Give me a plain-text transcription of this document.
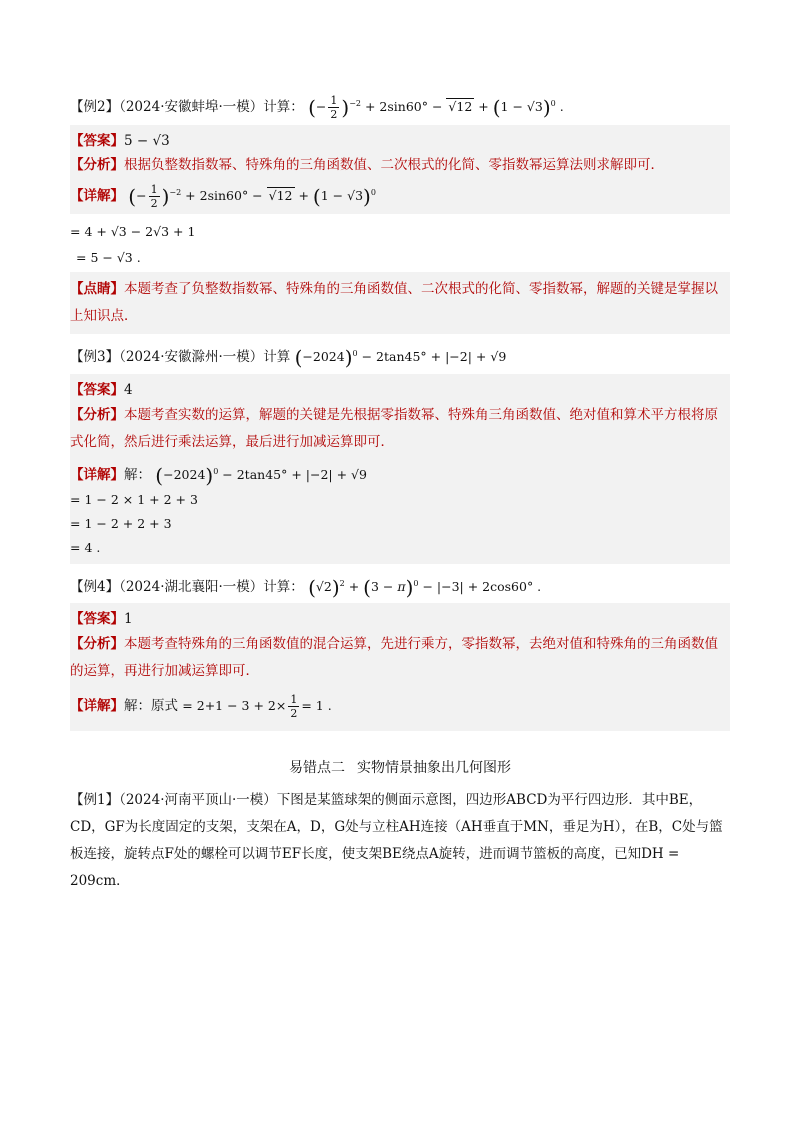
【例2】（2024·安徽蚌埠·一模）计算： (− $\frac{1}{2} )^{-2} + 2\sin 60^\circ - √12 + (1 - √3)^0$ .
【答案】5 − √3
【分析】根据负整数指数幂、特殊角的三角函数值、二次根式的化简、零指数幂运算法则求解即可．
【详解】 (− $\frac{1}{2} )^{-2} + 2\sin 60^\circ - √12 + (1 - √3)^0$
= 4 + √3 − 2√3 + 1
= 5 − √3 .
【点睛】本题考查了负整数指数幂、特殊角的三角函数值、二次根式的化简、零指数幂，解题的关键是掌握以上知识点．
【例3】（2024·安徽滁州·一模）计算 $(-2024)^0 - 2\tan 45^\circ + |-2| + √9$
【答案】4
【分析】本题考查实数的运算，解题的关键是先根据零指数幂、特殊角三角函数值、绝对值和算术平方根将原式化简，然后进行乘法运算，最后进行加减运算即可．
【详解】解： $(-2024)^0 - 2\tan 45^\circ + |-2| + √9$
= 1 − 2 × 1 + 2 + 3
= 1 − 2 + 2 + 3
= 4 .
【例4】（2024·湖北襄阳·一模）计算： $(√2)^2 + (3 - \pi)^0 - |-3| + 2\cos 60^\circ$ .
【答案】1
【分析】本题考查特殊角的三角函数值的混合运算，先进行乘方，零指数幂，去绝对值和特殊角的三角函数值的运算，再进行加减运算即可．
【详解】解：原式 = $2+1 - 3 + 2\times \frac{1}{2} = 1$ .
易错点二 实物情景抽象出几何图形
【例1】（2024·河南平顶山·一模）下图是某篮球架的侧面示意图，四边形ABCD为平行四边形．其中BE，CD，GF为长度固定的支架，支架在A，D，G处与立柱AH连接（AH垂直于MN，垂足为H），在B，C处与篮板连接，旋转点F处的螺栓可以调节EF长度，使支架BE绕点A旋转，进而调节篮板的高度，已知DH = 209cm．
